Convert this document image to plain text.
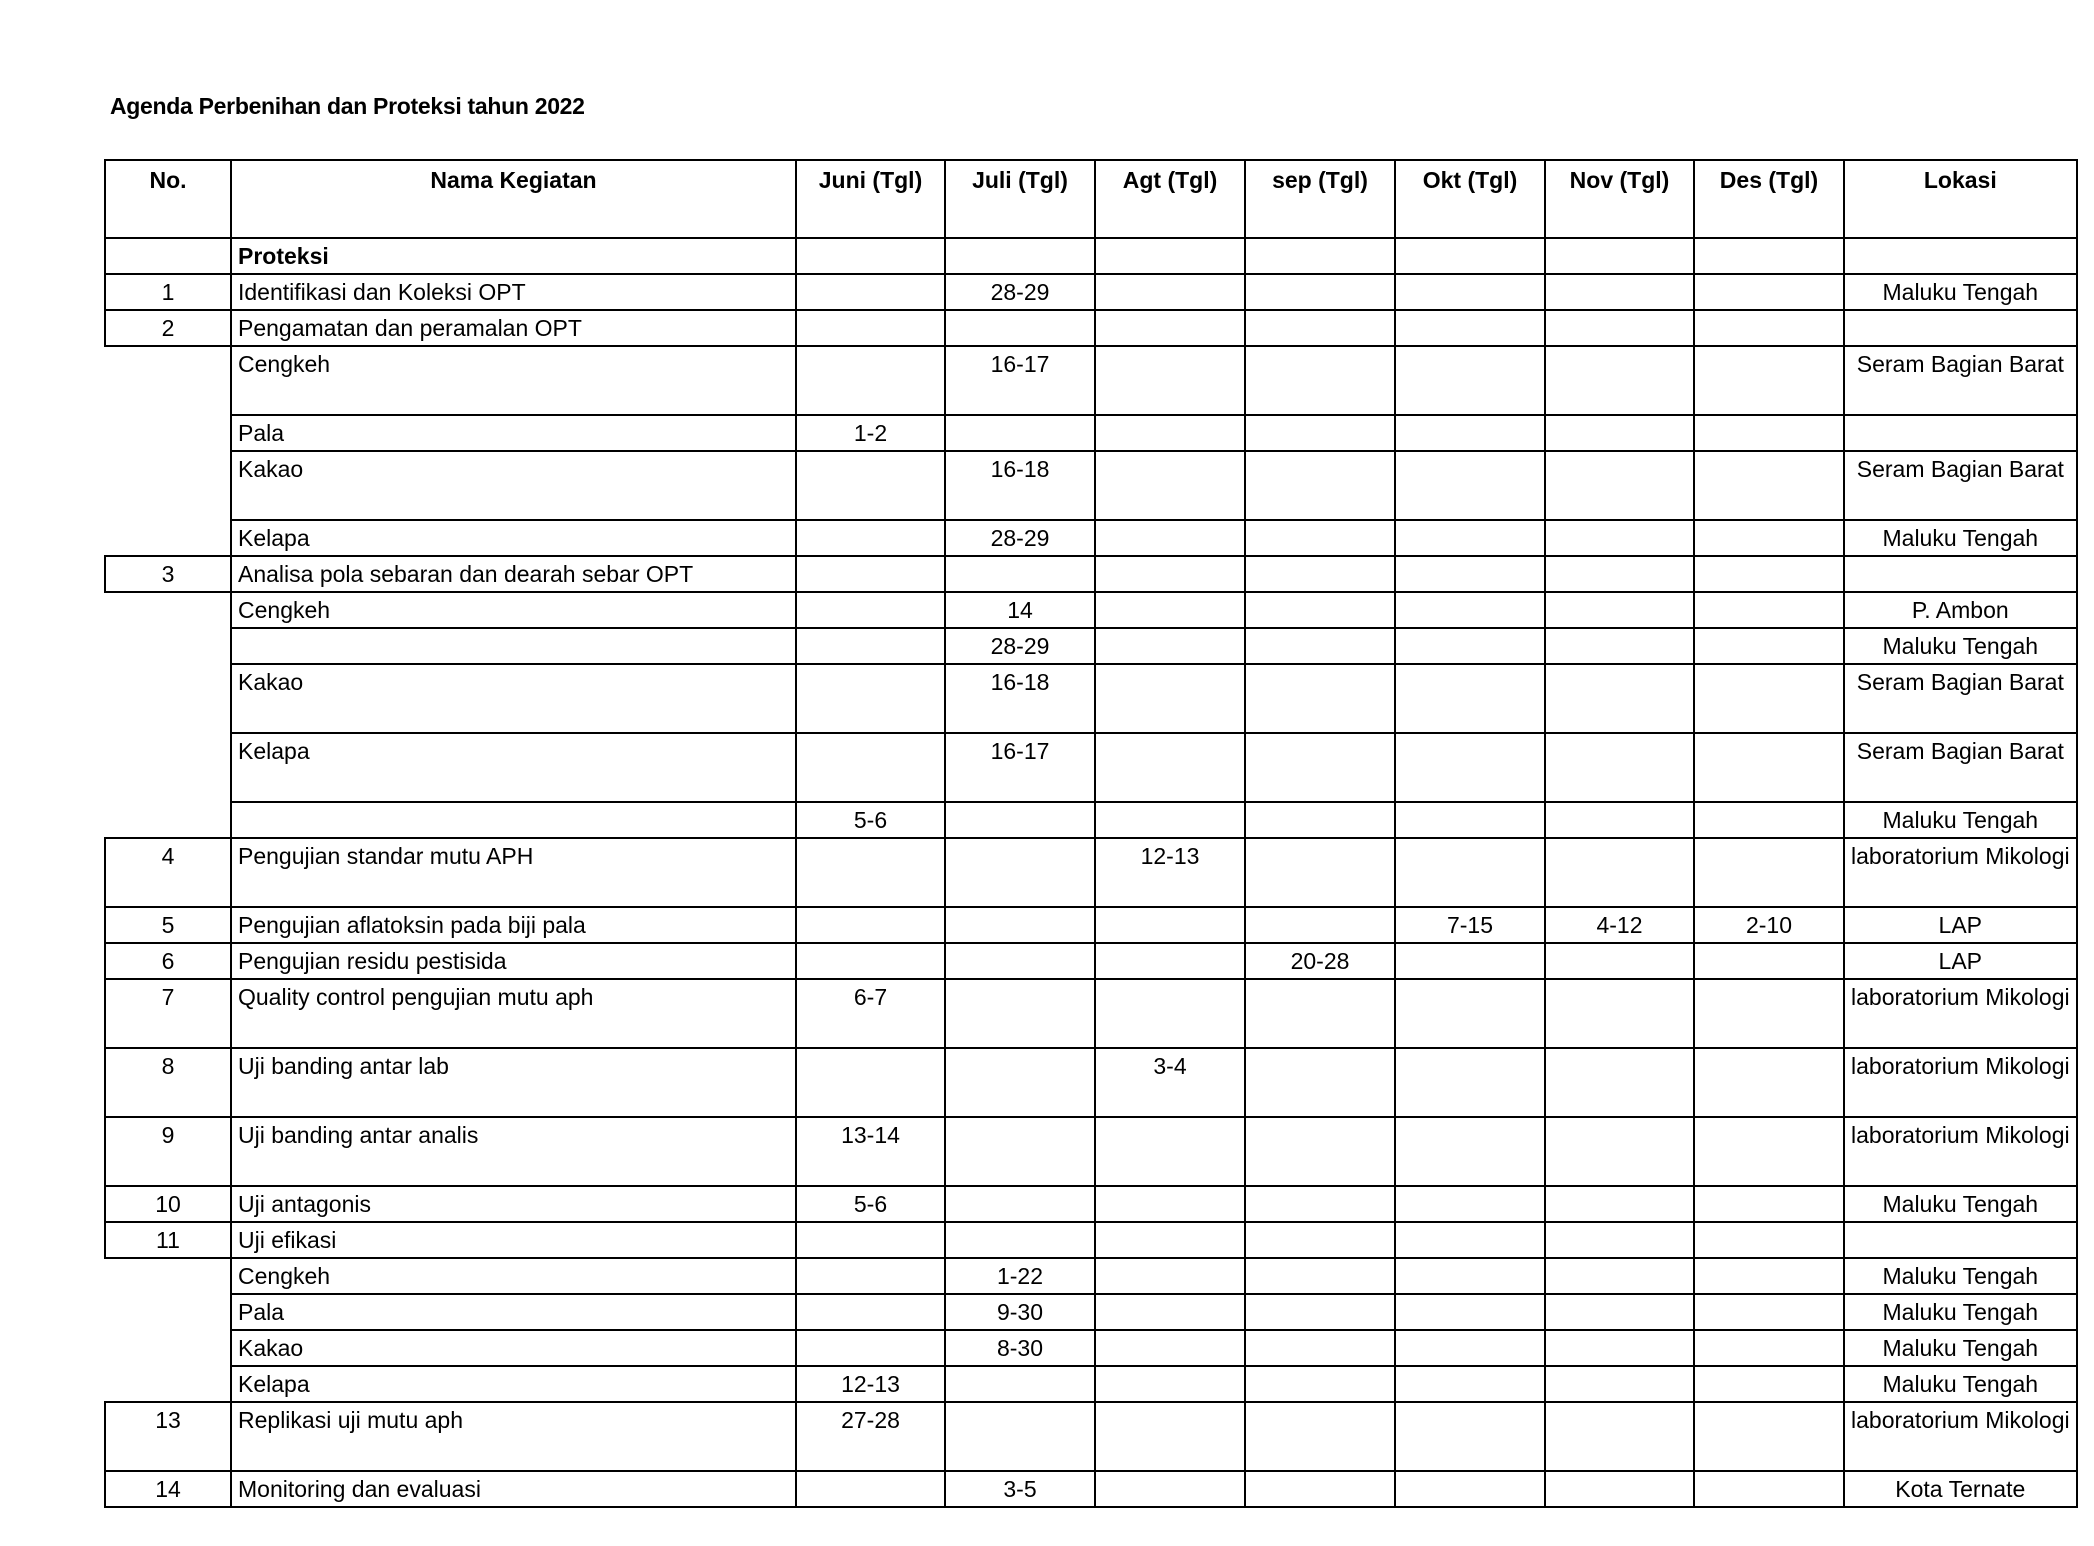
Agenda Perbenihan dan Proteksi tahun 2022
No.	Nama Kegiatan	Juni (Tgl)	Juli (Tgl)	Agt (Tgl)	sep (Tgl)	Okt (Tgl)	Nov (Tgl)	Des (Tgl)	Lokasi
	Proteksi								
1	Identifikasi dan Koleksi OPT		28-29						Maluku Tengah
2	Pengamatan dan peramalan OPT								
	Cengkeh		16-17						Seram Bagian Barat
	Pala	1-2							
	Kakao		16-18						Seram Bagian Barat
	Kelapa		28-29						Maluku Tengah
3	Analisa pola sebaran dan dearah sebar OPT								
	Cengkeh		14						P. Ambon
			28-29						Maluku Tengah
	Kakao		16-18						Seram Bagian Barat
	Kelapa		16-17						Seram Bagian Barat
		5-6							Maluku Tengah
4	Pengujian standar mutu APH			12-13					laboratorium Mikologi
5	Pengujian aflatoksin pada biji pala					7-15	4-12	2-10	LAP
6	Pengujian residu pestisida				20-28				LAP
7	Quality control pengujian mutu aph	6-7							laboratorium Mikologi
8	Uji banding antar lab			3-4					laboratorium Mikologi
9	Uji banding antar analis	13-14							laboratorium Mikologi
10	Uji antagonis	5-6							Maluku Tengah
11	Uji efikasi								
	Cengkeh		1-22						Maluku Tengah
	Pala		9-30						Maluku Tengah
	Kakao		8-30						Maluku Tengah
	Kelapa	12-13							Maluku Tengah
13	Replikasi uji mutu aph	27-28							laboratorium Mikologi
14	Monitoring dan evaluasi		3-5						Kota Ternate
